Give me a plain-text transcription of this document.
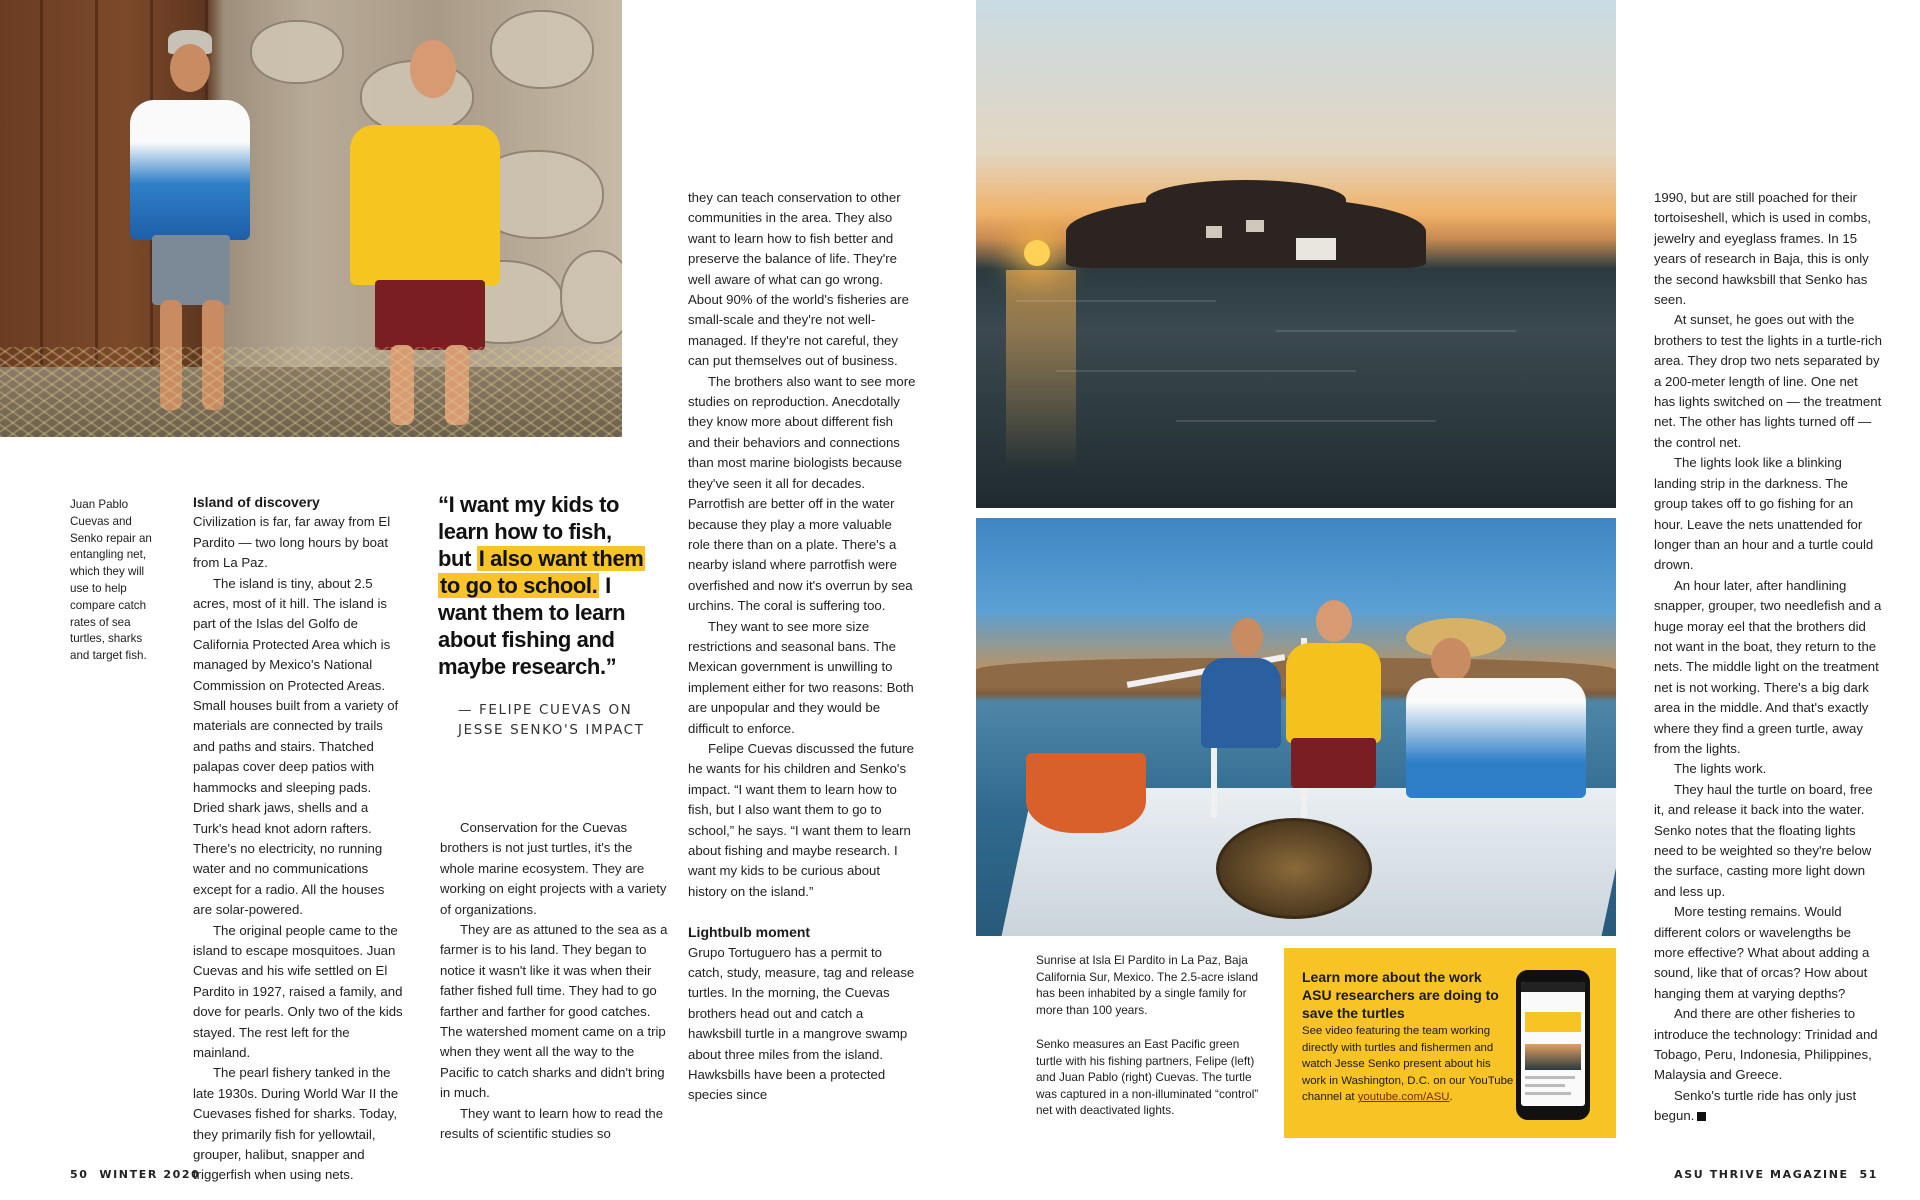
Juan Pablo Cuevas and Senko repair an entangling net, which they will use to help compare catch rates of sea turtles, sharks and target fish.
Island of discovery

Civilization is far, far away from El Pardito — two long hours by boat from La Paz.

The island is tiny, about 2.5 acres, most of it hill. The island is part of the Islas del Golfo de California Protected Area which is managed by Mexico's National Commission on Protected Areas. Small houses built from a variety of materials are connected by trails and paths and stairs. Thatched palapas cover deep patios with hammocks and sleeping pads. Dried shark jaws, shells and a Turk's head knot adorn rafters. There's no electricity, no running water and no communications except for a radio. All the houses are solar-powered.

The original people came to the island to escape mosquitoes. Juan Cuevas and his wife settled on El Pardito in 1927, raised a family, and dove for pearls. Only two of the kids stayed. The rest left for the mainland.

The pearl fishery tanked in the late 1930s. During World War II the Cuevases fished for sharks. Today, they primarily fish for yellowtail, grouper, halibut, snapper and triggerfish when using nets.

“I want my kids to learn how to fish, but I also want them to go to school. I want them to learn about fishing and maybe research.”
— FELIPE CUEVAS ON JESSE SENKO'S IMPACT

Conservation for the Cuevas brothers is not just turtles, it's the whole marine ecosystem. They are working on eight projects with a variety of organizations.

They are as attuned to the sea as a farmer is to his land. They began to notice it wasn't like it was when their father fished full time. They had to go farther and farther for good catches. The watershed moment came on a trip when they went all the way to the Pacific to catch sharks and didn't bring in much.

They want to learn how to read the results of scientific studies so

they can teach conservation to other communities in the area. They also want to learn how to fish better and preserve the balance of life. They're well aware of what can go wrong. About 90% of the world's fisheries are small-scale and they're not well-managed. If they're not careful, they can put themselves out of business.

The brothers also want to see more studies on reproduction. Anecdotally they know more about different fish and their behaviors and connections than most marine biologists because they've seen it all for decades. Parrotfish are better off in the water because they play a more valuable role there than on a plate. There's a nearby island where parrotfish were overfished and now it's overrun by sea urchins. The coral is suffering too.

They want to see more size restrictions and seasonal bans. The Mexican government is unwilling to implement either for two reasons: Both are unpopular and they would be difficult to enforce.

Felipe Cuevas discussed the future he wants for his children and Senko's impact. “I want them to learn how to fish, but I also want them to go to school,” he says. “I want them to learn about fishing and maybe research. I want my kids to be curious about history on the island.”

Lightbulb moment

Grupo Tortuguero has a permit to catch, study, measure, tag and release turtles. In the morning, the Cuevas brothers head out and catch a hawksbill turtle in a mangrove swamp about three miles from the island. Hawksbills have been a protected species since

Sunrise at Isla El Pardito in La Paz, Baja California Sur, Mexico. The 2.5-acre island has been inhabited by a single family for more than 100 years.
Senko measures an East Pacific green turtle with his fishing partners, Felipe (left) and Juan Pablo (right) Cuevas. The turtle was captured in a non-illuminated “control” net with deactivated lights.
Learn more about the work ASU researchers are doing to save the turtles
See video featuring the team working directly with turtles and fishermen and watch Jesse Senko present about his work in Washington, D.C. on our YouTube channel at youtube.com/ASU.

1990, but are still poached for their tortoiseshell, which is used in combs, jewelry and eyeglass frames. In 15 years of research in Baja, this is only the second hawksbill that Senko has seen.

At sunset, he goes out with the brothers to test the lights in a turtle-rich area. They drop two nets separated by a 200-meter length of line. One net has lights switched on — the treatment net. The other has lights turned off — the control net.

The lights look like a blinking landing strip in the darkness. The group takes off to go fishing for an hour. Leave the nets unattended for longer than an hour and a turtle could drown.

An hour later, after handlining snapper, grouper, two needlefish and a huge moray eel that the brothers did not want in the boat, they return to the nets. The middle light on the treatment net is not working. There's a big dark area in the middle. And that's exactly where they find a green turtle, away from the lights.

The lights work.

They haul the turtle on board, free it, and release it back into the water. Senko notes that the floating lights need to be weighted so they're below the surface, casting more light down and less up.

More testing remains. Would different colors or wavelengths be more effective? What about adding a sound, like that of orcas? How about hanging them at varying depths?

And there are other fisheries to introduce the technology: Trinidad and Tobago, Peru, Indonesia, Philippines, Malaysia and Greece.

Senko's turtle ride has only just begun.

50  WINTER 2020	ASU THRIVE MAGAZINE  51
